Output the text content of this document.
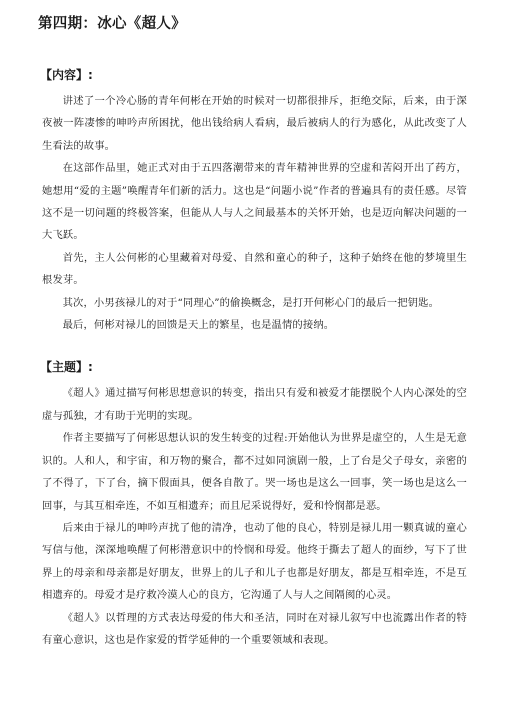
第四期：冰心《超人》
【内容】:

讲述了一个冷心肠的青年何彬在开始的时候对一切都很排斥，拒绝交际，后来，由于深夜被一阵凄惨的呻吟声所困扰，他出钱给病人看病，最后被病人的行为感化，从此改变了人生看法的故事。

在这部作品里，她正式对由于五四落潮带来的青年精神世界的空虚和苦闷开出了药方，她想用“爱的主题”唤醒青年们新的活力。这也是“问题小说”作者的普遍具有的责任感。尽管这不是一切问题的终极答案，但能从人与人之间最基本的关怀开始，也是迈向解决问题的一大飞跃。

首先，主人公何彬的心里藏着对母爱、自然和童心的种子，这种子始终在他的梦境里生根发芽。

其次，小男孩禄儿的对于“同理心”的偷换概念，是打开何彬心门的最后一把钥匙。

最后，何彬对禄儿的回馈是天上的繁星，也是温情的接纳。

【主题】:

《超人》通过描写何彬思想意识的转变，指出只有爱和被爱才能摆脱个人内心深处的空虚与孤独，才有助于光明的实现。

作者主要描写了何彬思想认识的发生转变的过程:开始他认为世界是虚空的，人生是无意识的。人和人，和宇宙，和万物的聚合，都不过如同演剧一般，上了台是父子母女，亲密的了不得了，下了台，摘下假面具，便各自散了。哭一场也是这么一回事，笑一场也是这么一回事，与其互相牵连，不如互相遗弃；而且尼采说得好，爱和怜悯都是恶。

后来由于禄儿的呻吟声扰了他的清净，也动了他的良心，特别是禄儿用一颗真诚的童心写信与他，深深地唤醒了何彬潜意识中的怜悯和母爱。他终于撕去了超人的面纱，写下了世界上的母亲和母亲都是好朋友，世界上的儿子和儿子也都是好朋友，都是互相牵连，不是互相遗弃的。母爱才是疗救冷漠人心的良方，它沟通了人与人之间隔阂的心灵。

《超人》以哲理的方式表达母爱的伟大和圣洁，同时在对禄儿叙写中也流露出作者的特有童心意识，这也是作家爱的哲学延伸的一个重要领域和表现。
